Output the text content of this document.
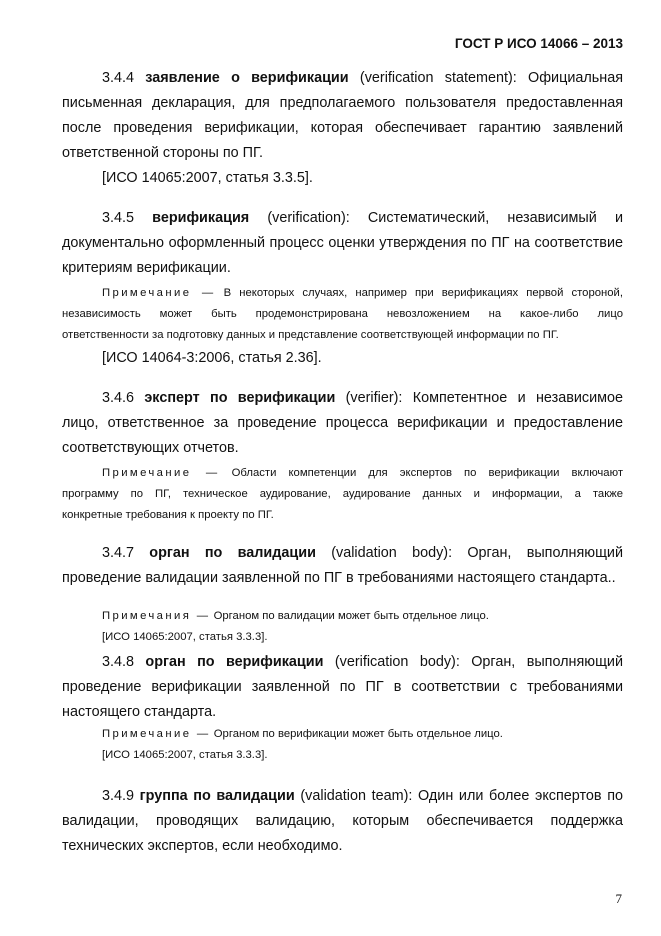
ГОСТ Р ИСО 14066 – 2013

3.4.4 заявление о верификации (verification statement): Официальная

письменная декларация, для предполагаемого пользователя предоставленная

после проведения верификации, которая обеспечивает гарантию заявлений

ответственной стороны по ПГ.

[ИСО 14065:2007, статья 3.3.5].

3.4.5 верификация (verification): Систематический, независимый и

документально оформленный процесс оценки утверждения по ПГ на соответствие

критериям верификации.

Примечание — В некоторых случаях, например при верификациях первой стороной,

независимость может быть продемонстрирована невозложением на какое-либо лицо

ответственности за подготовку данных и представление соответствующей информации по ПГ.

[ИСО 14064-3:2006, статья 2.36].

3.4.6 эксперт по верификации (verifier): Компетентное и независимое

лицо, ответственное за проведение процесса верификации и предоставление

соответствующих отчетов.

Примечание — Области компетенции для экспертов по верификации включают

программу по ПГ, техническое аудирование, аудирование данных и информации, а также

конкретные требования к проекту по ПГ.

3.4.7 орган по валидации (validation body): Орган, выполняющий

проведение валидации заявленной по ПГ в требованиями настоящего стандарта..

Примечания — Органом по валидации может быть отдельное лицо.

[ИСО 14065:2007, статья 3.3.3].

3.4.8 орган по верификации (verification body): Орган, выполняющий

проведение верификации заявленной по ПГ в соответствии с требованиями

настоящего стандарта.

Примечание — Органом по верификации может быть отдельное лицо.

[ИСО 14065:2007, статья 3.3.3].

3.4.9 группа по валидации (validation team): Один или более экспертов по

валидации, проводящих валидацию, которым обеспечивается поддержка

технических экспертов, если необходимо.

7
